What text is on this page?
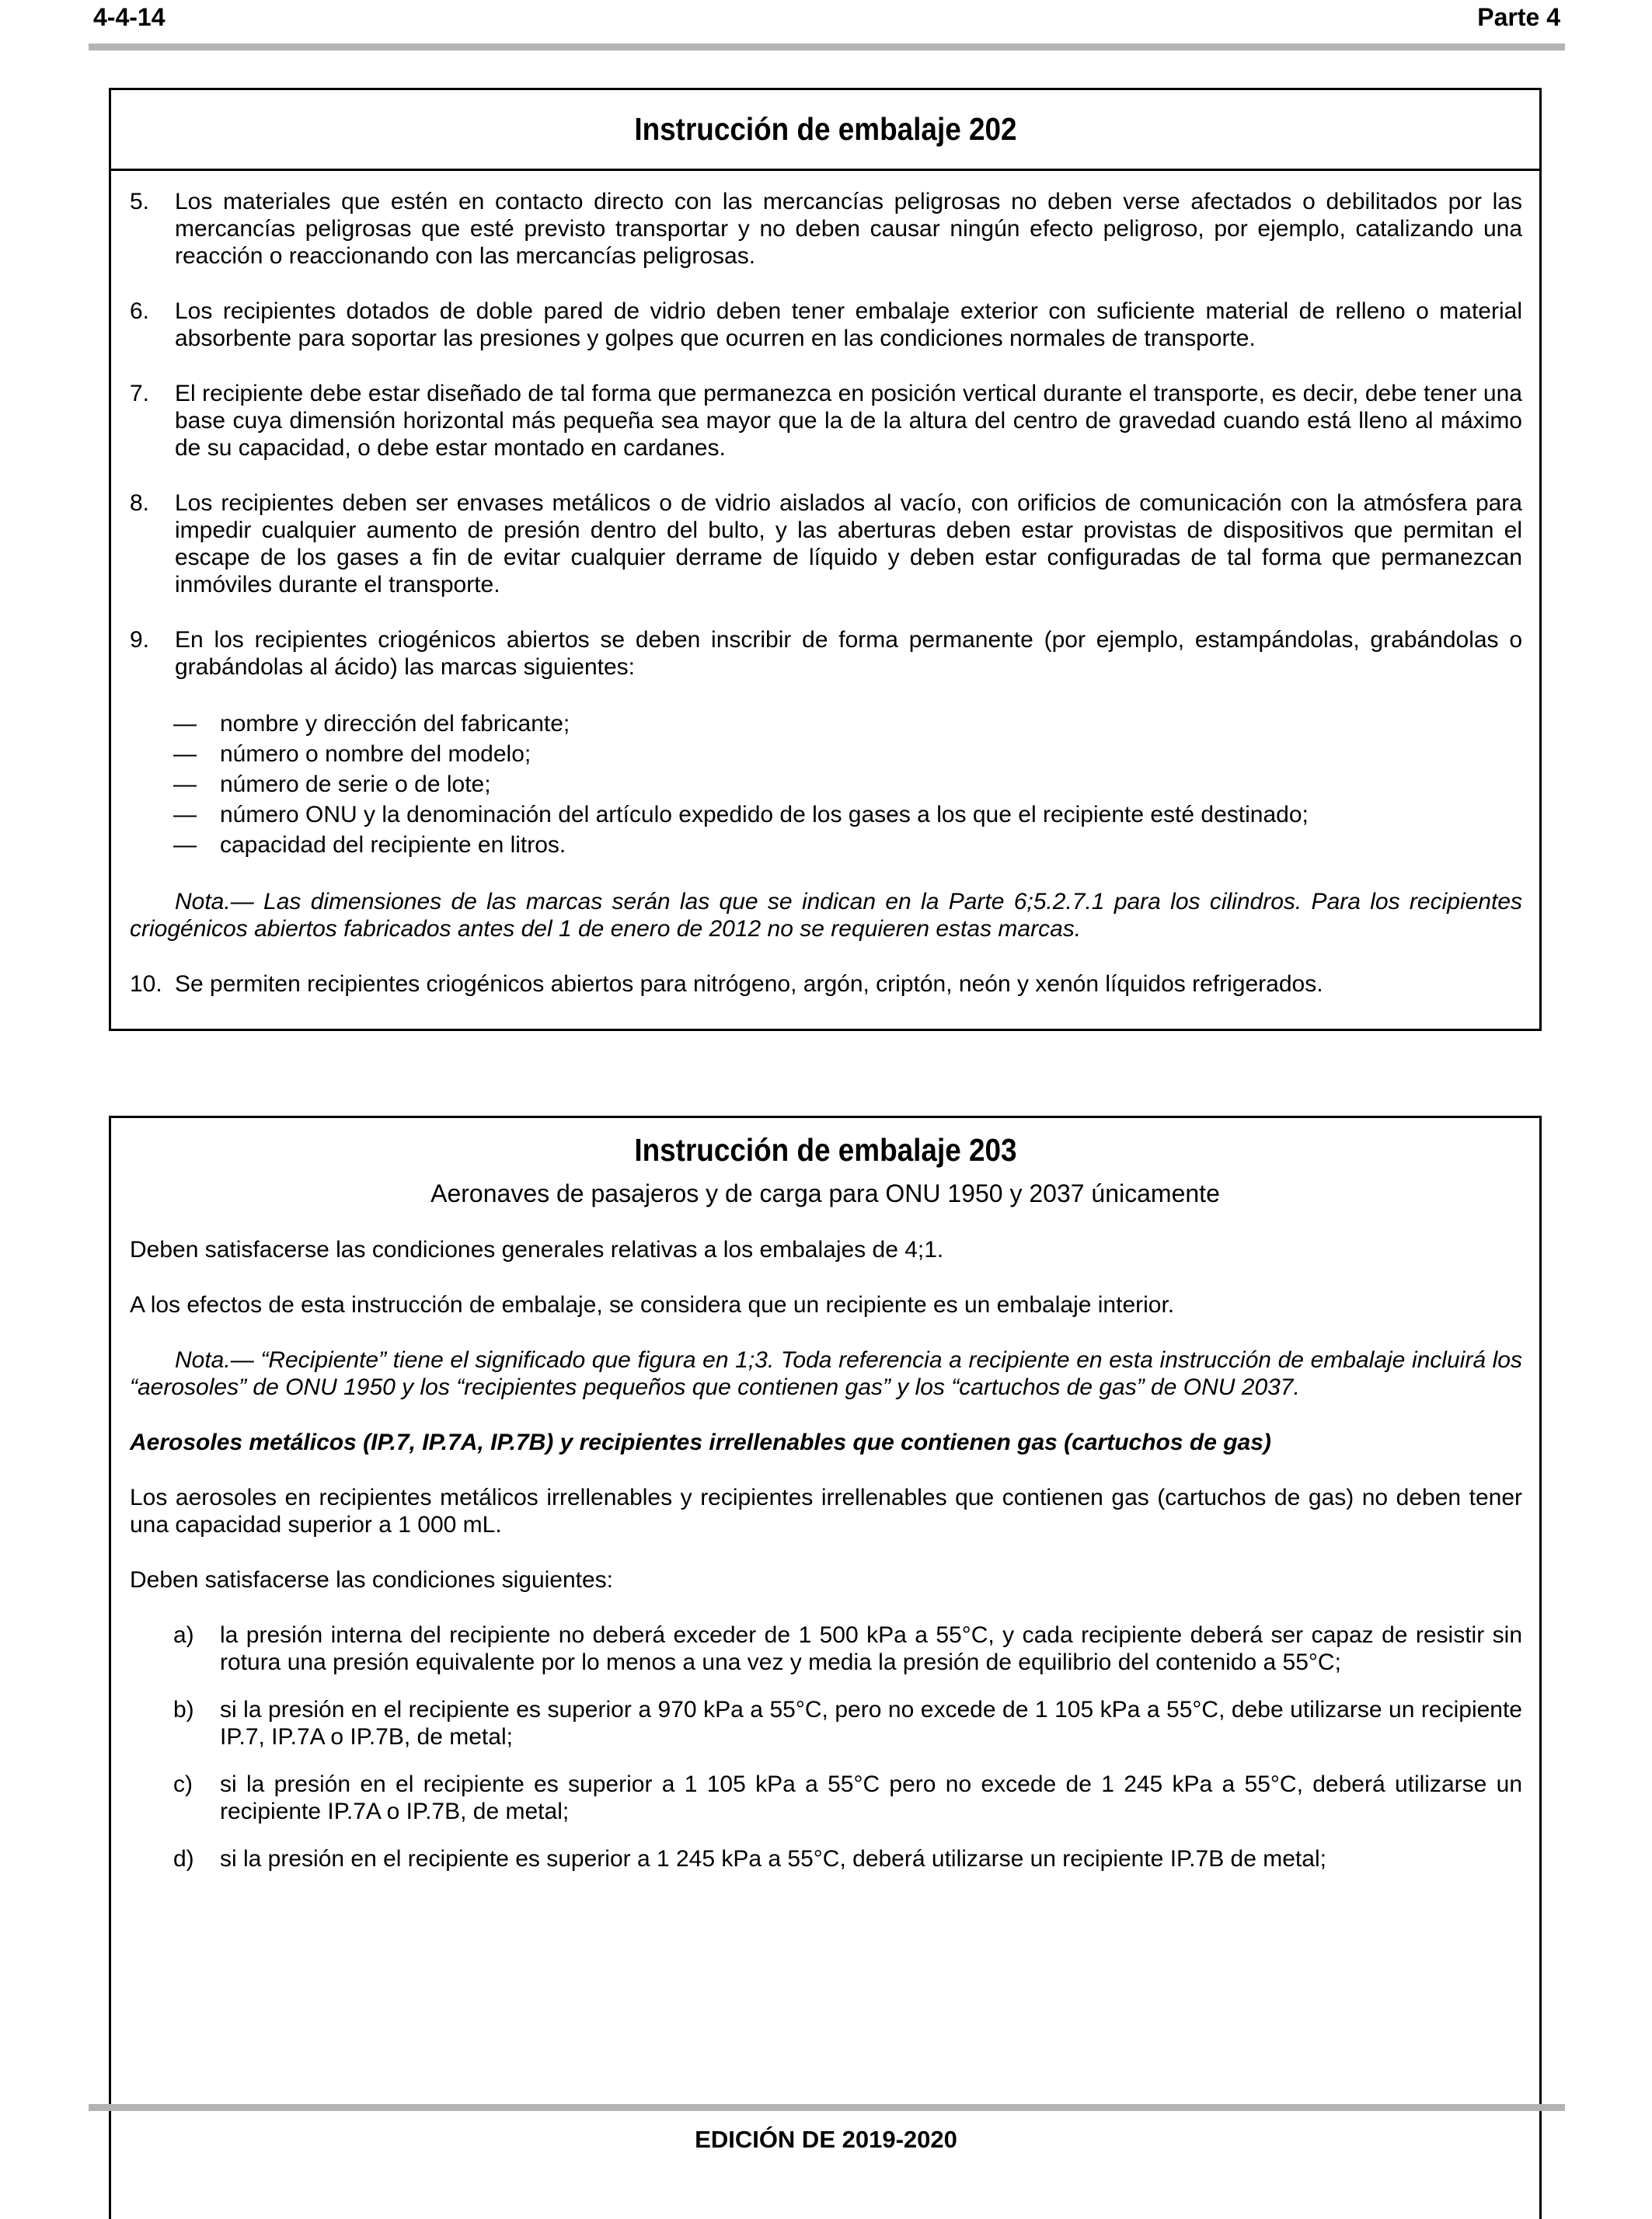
4-4-14	Parte 4
Instrucción de embalaje 202
5.	Los materiales que estén en contacto directo con las mercancías peligrosas no deben verse afectados o debilitados por las mercancías peligrosas que esté previsto transportar y no deben causar ningún efecto peligroso, por ejemplo, catalizando una reacción o reaccionando con las mercancías peligrosas.
6.	Los recipientes dotados de doble pared de vidrio deben tener embalaje exterior con suficiente material de relleno o material absorbente para soportar las presiones y golpes que ocurren en las condiciones normales de transporte.
7.	El recipiente debe estar diseñado de tal forma que permanezca en posición vertical durante el transporte, es decir, debe tener una base cuya dimensión horizontal más pequeña sea mayor que la de la altura del centro de gravedad cuando está lleno al máximo de su capacidad, o debe estar montado en cardanes.
8.	Los recipientes deben ser envases metálicos o de vidrio aislados al vacío, con orificios de comunicación con la atmósfera para impedir cualquier aumento de presión dentro del bulto, y las aberturas deben estar provistas de dispositivos que permitan el escape de los gases a fin de evitar cualquier derrame de líquido y deben estar configuradas de tal forma que permanezcan inmóviles durante el transporte.
9.	En los recipientes criogénicos abiertos se deben inscribir de forma permanente (por ejemplo, estampándolas, grabándolas o grabándolas al ácido) las marcas siguientes:
—	nombre y dirección del fabricante;
—	número o nombre del modelo;
—	número de serie o de lote;
—	número ONU y la denominación del artículo expedido de los gases a los que el recipiente esté destinado;
—	capacidad del recipiente en litros.
Nota.— Las dimensiones de las marcas serán las que se indican en la Parte 6;5.2.7.1 para los cilindros. Para los recipientes criogénicos abiertos fabricados antes del 1 de enero de 2012 no se requieren estas marcas.
10. Se permiten recipientes criogénicos abiertos para nitrógeno, argón, criptón, neón y xenón líquidos refrigerados.
Instrucción de embalaje 203
Aeronaves de pasajeros y de carga para ONU 1950 y 2037 únicamente
Deben satisfacerse las condiciones generales relativas a los embalajes de 4;1.
A los efectos de esta instrucción de embalaje, se considera que un recipiente es un embalaje interior.
Nota.— “Recipiente” tiene el significado que figura en 1;3. Toda referencia a recipiente en esta instrucción de embalaje incluirá los “aerosoles” de ONU 1950 y los “recipientes pequeños que contienen gas” y los “cartuchos de gas” de ONU 2037.
Aerosoles metálicos (IP.7, IP.7A, IP.7B) y recipientes irrellenables que contienen gas (cartuchos de gas)
Los aerosoles en recipientes metálicos irrellenables y recipientes irrellenables que contienen gas (cartuchos de gas) no deben tener una capacidad superior a 1 000 mL.
Deben satisfacerse las condiciones siguientes:
a)	la presión interna del recipiente no deberá exceder de 1 500 kPa a 55°C, y cada recipiente deberá ser capaz de resistir sin rotura una presión equivalente por lo menos a una vez y media la presión de equilibrio del contenido a 55°C;
b)	si la presión en el recipiente es superior a 970 kPa a 55°C, pero no excede de 1 105 kPa a 55°C, debe utilizarse un recipiente IP.7, IP.7A o IP.7B, de metal;
c)	si la presión en el recipiente es superior a 1 105 kPa a 55°C pero no excede de 1 245 kPa a 55°C, deberá utilizarse un recipiente IP.7A o IP.7B, de metal;
d)	si la presión en el recipiente es superior a 1 245 kPa a 55°C, deberá utilizarse un recipiente IP.7B de metal;
EDICIÓN DE 2019-2020
